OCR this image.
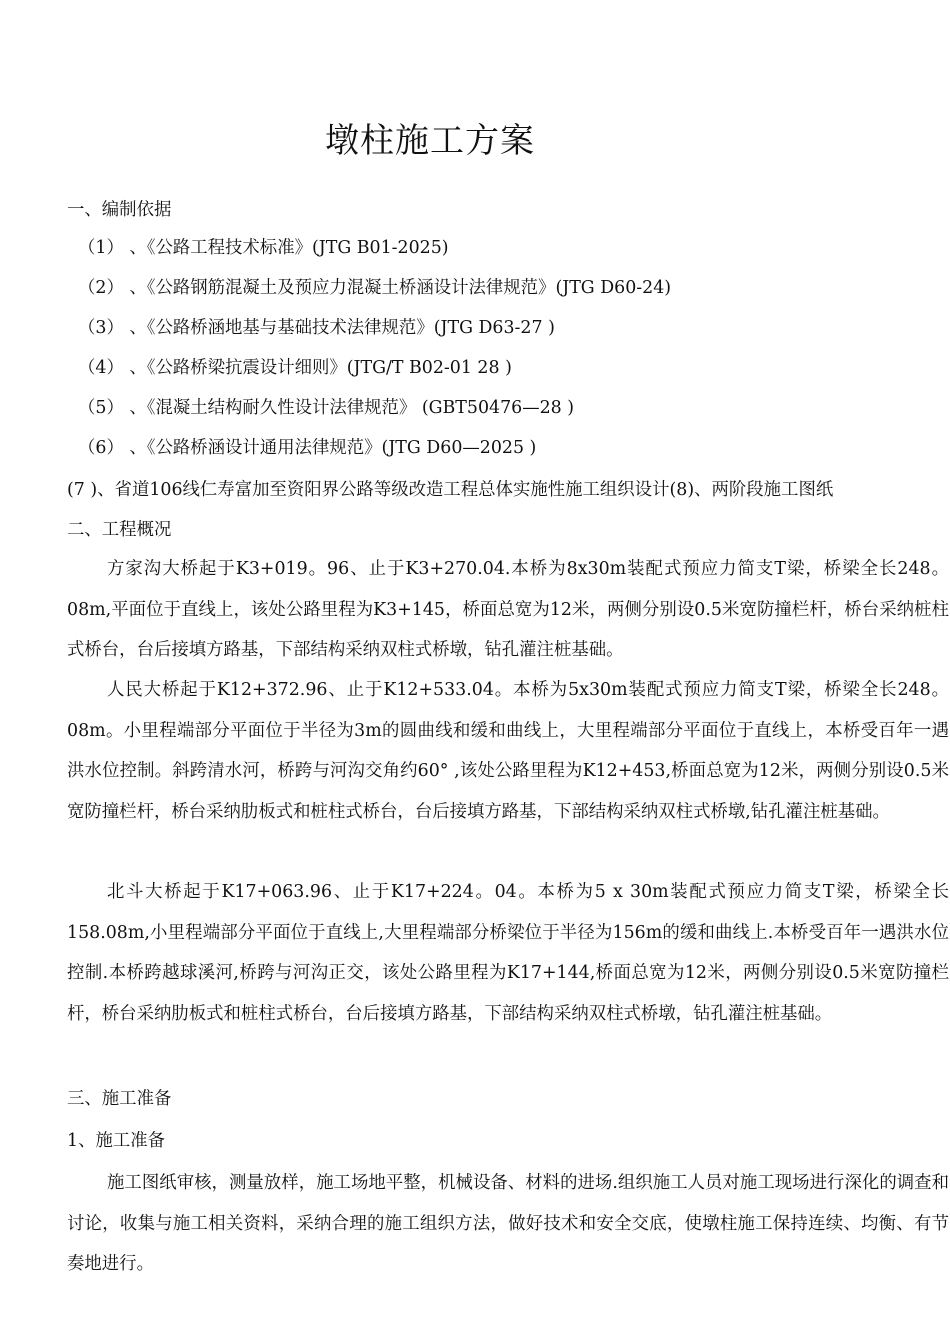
墩柱施工方案
一、编制依据
（1） 、《公路工程技术标准》(JTG B01-2025)
（2） 、《公路钢筋混凝土及预应力混凝土桥涵设计法律规范》(JTG D60-24)
（3） 、《公路桥涵地基与基础技术法律规范》(JTG D63-27 )
（4） 、《公路桥梁抗震设计细则》(JTG/T B02-01 28 )
（5） 、《混凝土结构耐久性设计法律规范》 (GBT50476—28 )
（6） 、《公路桥涵设计通用法律规范》(JTG D60—2025 )
(7 )、省道106线仁寿富加至资阳界公路等级改造工程总体实施性施工组织设计(8)、两阶段施工图纸
二、工程概况
方家沟大桥起于K3+019。96、止于K3+270.04.本桥为8x30m装配式预应力简支T梁，桥梁全长248。08m,平面位于直线上，该处公路里程为K3+145，桥面总宽为12米，两侧分别设0.5米宽防撞栏杆，桥台采纳桩柱式桥台，台后接填方路基，下部结构采纳双柱式桥墩，钻孔灌注桩基础。
人民大桥起于K12+372.96、止于K12+533.04。本桥为5x30m装配式预应力简支T梁，桥梁全长248。08m。小里程端部分平面位于半径为3m的圆曲线和缓和曲线上，大里程端部分平面位于直线上，本桥受百年一遇洪水位控制。斜跨清水河，桥跨与河沟交角约60° ,该处公路里程为K12+453,桥面总宽为12米，两侧分别设0.5米宽防撞栏杆，桥台采纳肋板式和桩柱式桥台，台后接填方路基，下部结构采纳双柱式桥墩,钻孔灌注桩基础。
北斗大桥起于K17+063.96、止于K17+224。04。本桥为5 x 30m装配式预应力简支T梁，桥梁全长158.08m,小里程端部分平面位于直线上,大里程端部分桥梁位于半径为156m的缓和曲线上.本桥受百年一遇洪水位控制.本桥跨越球溪河,桥跨与河沟正交，该处公路里程为K17+144,桥面总宽为12米，两侧分别设0.5米宽防撞栏杆，桥台采纳肋板式和桩柱式桥台，台后接填方路基，下部结构采纳双柱式桥墩，钻孔灌注桩基础。
三、施工准备
1、施工准备
施工图纸审核，测量放样，施工场地平整，机械设备、材料的进场.组织施工人员对施工现场进行深化的调查和讨论，收集与施工相关资料，采纳合理的施工组织方法，做好技术和安全交底，使墩柱施工保持连续、均衡、有节奏地进行。
